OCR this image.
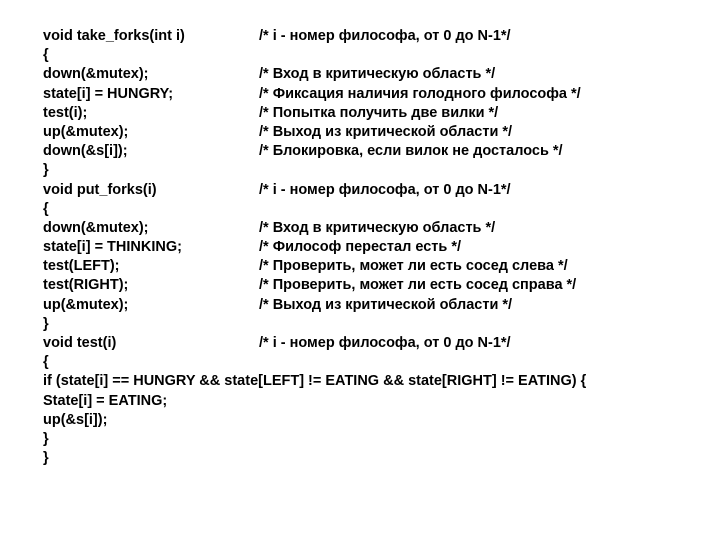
void take_forks(int i)	/* i - номер философа, от 0 до N-1*/
{
down(&mutex);	/* Вход в критическую область */
state[i] = HUNGRY;	/* Фиксация наличия голодного философа */
test(i);	/* Попытка получить две вилки */
up(&mutex);	/* Выход из критической области */
down(&s[i]);	/* Блокировка, если вилок не досталось */
}
void put_forks(i)	/* i - номер философа, от 0 до N-1*/
{
down(&mutex);	/* Вход в критическую область */
state[i] = THINKING;	/* Философ перестал есть */
test(LEFT);	/* Проверить, может ли есть сосед слева */
test(RIGHT);	/* Проверить, может ли есть сосед справа */
up(&mutex);	/* Выход из критической области */
}
void test(i)	/* i - номер философа, от 0 до N-1*/
{
if (state[i] == HUNGRY && state[LEFT] != EATING && state[RIGHT] != EATING) {
State[i] = EATING;
up(&s[i]);
}
}
